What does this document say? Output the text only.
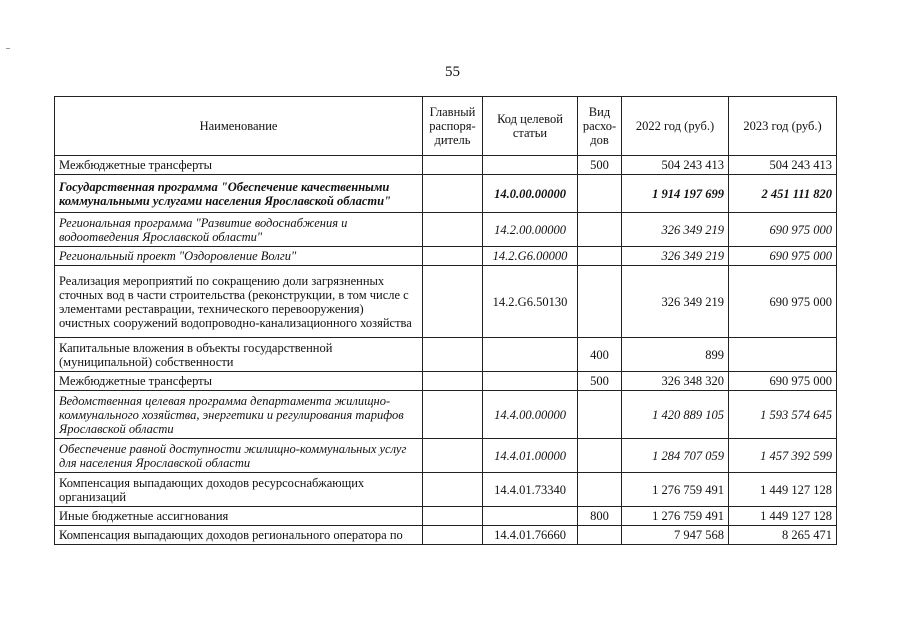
55
Наименование	Главный распоря-дитель	Код целевой статьи	Вид расхо-дов	2022 год (руб.)	2023 год (руб.)
Межбюджетные трансферты			500	504 243 413	504 243 413
Государственная программа "Обеспечение качественными коммунальными услугами населения Ярославской области"		14.0.00.00000		1 914 197 699	2 451 111 820
Региональная программа "Развитие водоснабжения и водоотведения Ярославской области"		14.2.00.00000		326 349 219	690 975 000
Региональный проект "Оздоровление Волги"		14.2.G6.00000		326 349 219	690 975 000
Реализация мероприятий по сокращению доли загрязненных сточных вод в части строительства (реконструкции, в том числе с элементами реставрации, технического перевооружения) очистных сооружений водопроводно-канализационного хозяйства		14.2.G6.50130		326 349 219	690 975 000
Капитальные вложения в объекты государственной (муниципальной) собственности			400	899	
Межбюджетные трансферты			500	326 348 320	690 975 000
Ведомственная целевая программа департамента жилищно-коммунального хозяйства, энергетики и регулирования тарифов Ярославской области		14.4.00.00000		1 420 889 105	1 593 574 645
Обеспечение равной доступности жилищно-коммунальных услуг для населения Ярославской области		14.4.01.00000		1 284 707 059	1 457 392 599
Компенсация выпадающих доходов ресурсоснабжающих организаций		14.4.01.73340		1 276 759 491	1 449 127 128
Иные бюджетные ассигнования			800	1 276 759 491	1 449 127 128
Компенсация выпадающих доходов регионального оператора по		14.4.01.76660		7 947 568	8 265 471
